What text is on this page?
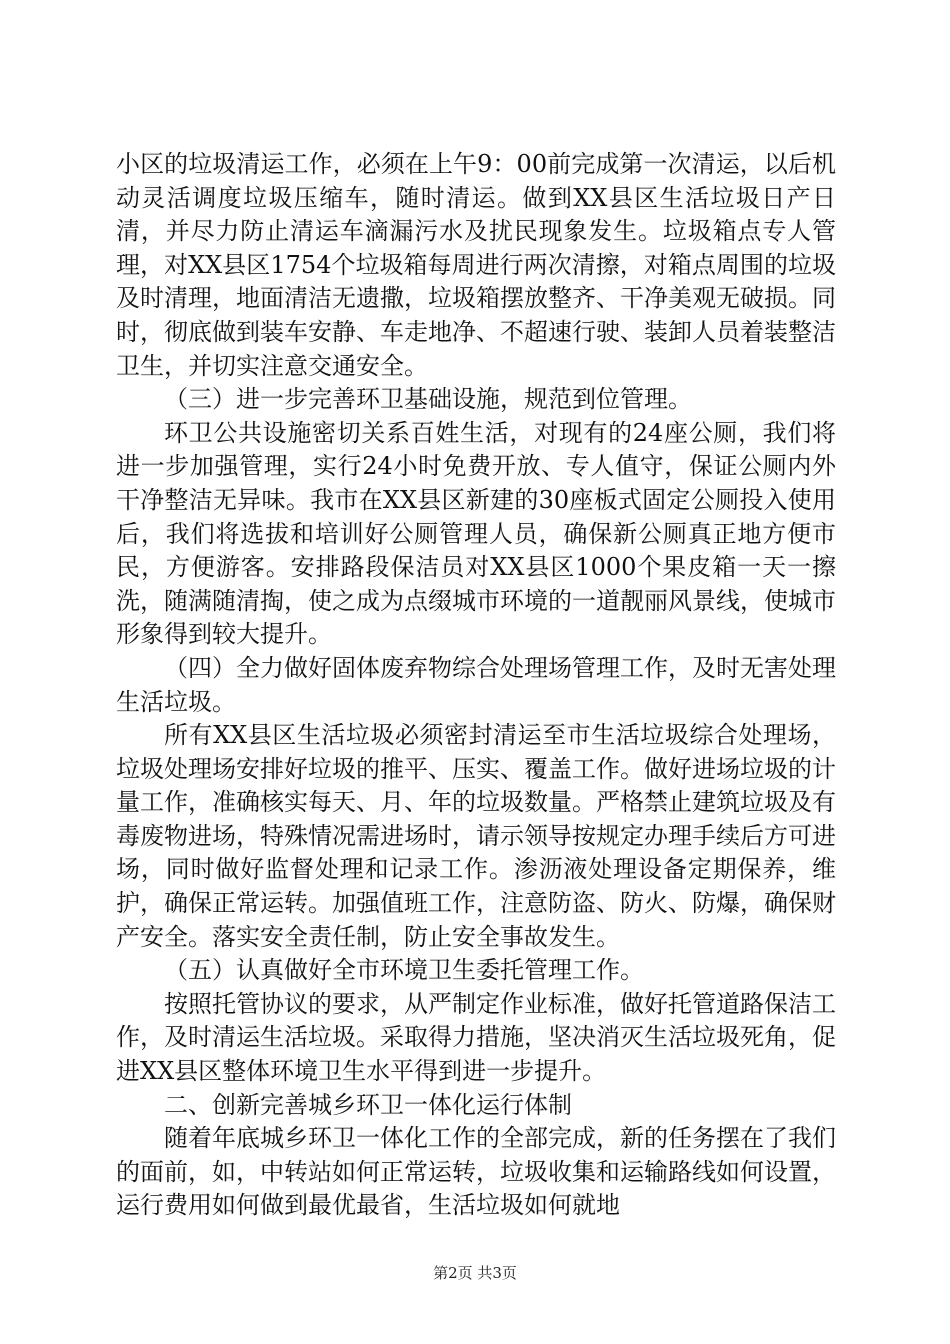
小区的垃圾清运工作，必须在上午9：00前完成第一次清运，以后机动灵活调度垃圾压缩车，随时清运。做到XX县区生活垃圾日产日清，并尽力防止清运车滴漏污水及扰民现象发生。垃圾箱点专人管理，对XX县区1754个垃圾箱每周进行两次清擦，对箱点周围的垃圾及时清理，地面清洁无遗撒，垃圾箱摆放整齐、干净美观无破损。同时，彻底做到装车安静、车走地净、不超速行驶、装卸人员着装整洁卫生，并切实注意交通安全。

（三）进一步完善环卫基础设施，规范到位管理。

环卫公共设施密切关系百姓生活，对现有的24座公厕，我们将进一步加强管理，实行24小时免费开放、专人值守，保证公厕内外干净整洁无异味。我市在XX县区新建的30座板式固定公厕投入使用后，我们将选拔和培训好公厕管理人员，确保新公厕真正地方便市民，方便游客。安排路段保洁员对XX县区1000个果皮箱一天一擦洗，随满随清掏，使之成为点缀城市环境的一道靓丽风景线，使城市形象得到较大提升。

（四）全力做好固体废弃物综合处理场管理工作，及时无害处理生活垃圾。

所有XX县区生活垃圾必须密封清运至市生活垃圾综合处理场，垃圾处理场安排好垃圾的推平、压实、覆盖工作。做好进场垃圾的计量工作，准确核实每天、月、年的垃圾数量。严格禁止建筑垃圾及有毒废物进场，特殊情况需进场时，请示领导按规定办理手续后方可进场，同时做好监督处理和记录工作。渗沥液处理设备定期保养，维护，确保正常运转。加强值班工作，注意防盗、防火、防爆，确保财产安全。落实安全责任制，防止安全事故发生。

（五）认真做好全市环境卫生委托管理工作。

按照托管协议的要求，从严制定作业标准，做好托管道路保洁工作，及时清运生活垃圾。采取得力措施，坚决消灭生活垃圾死角，促进XX县区整体环境卫生水平得到进一步提升。

二、创新完善城乡环卫一体化运行体制

随着年底城乡环卫一体化工作的全部完成，新的任务摆在了我们的面前，如，中转站如何正常运转，垃圾收集和运输路线如何设置，运行费用如何做到最优最省，生活垃圾如何就地

第2页 共3页
